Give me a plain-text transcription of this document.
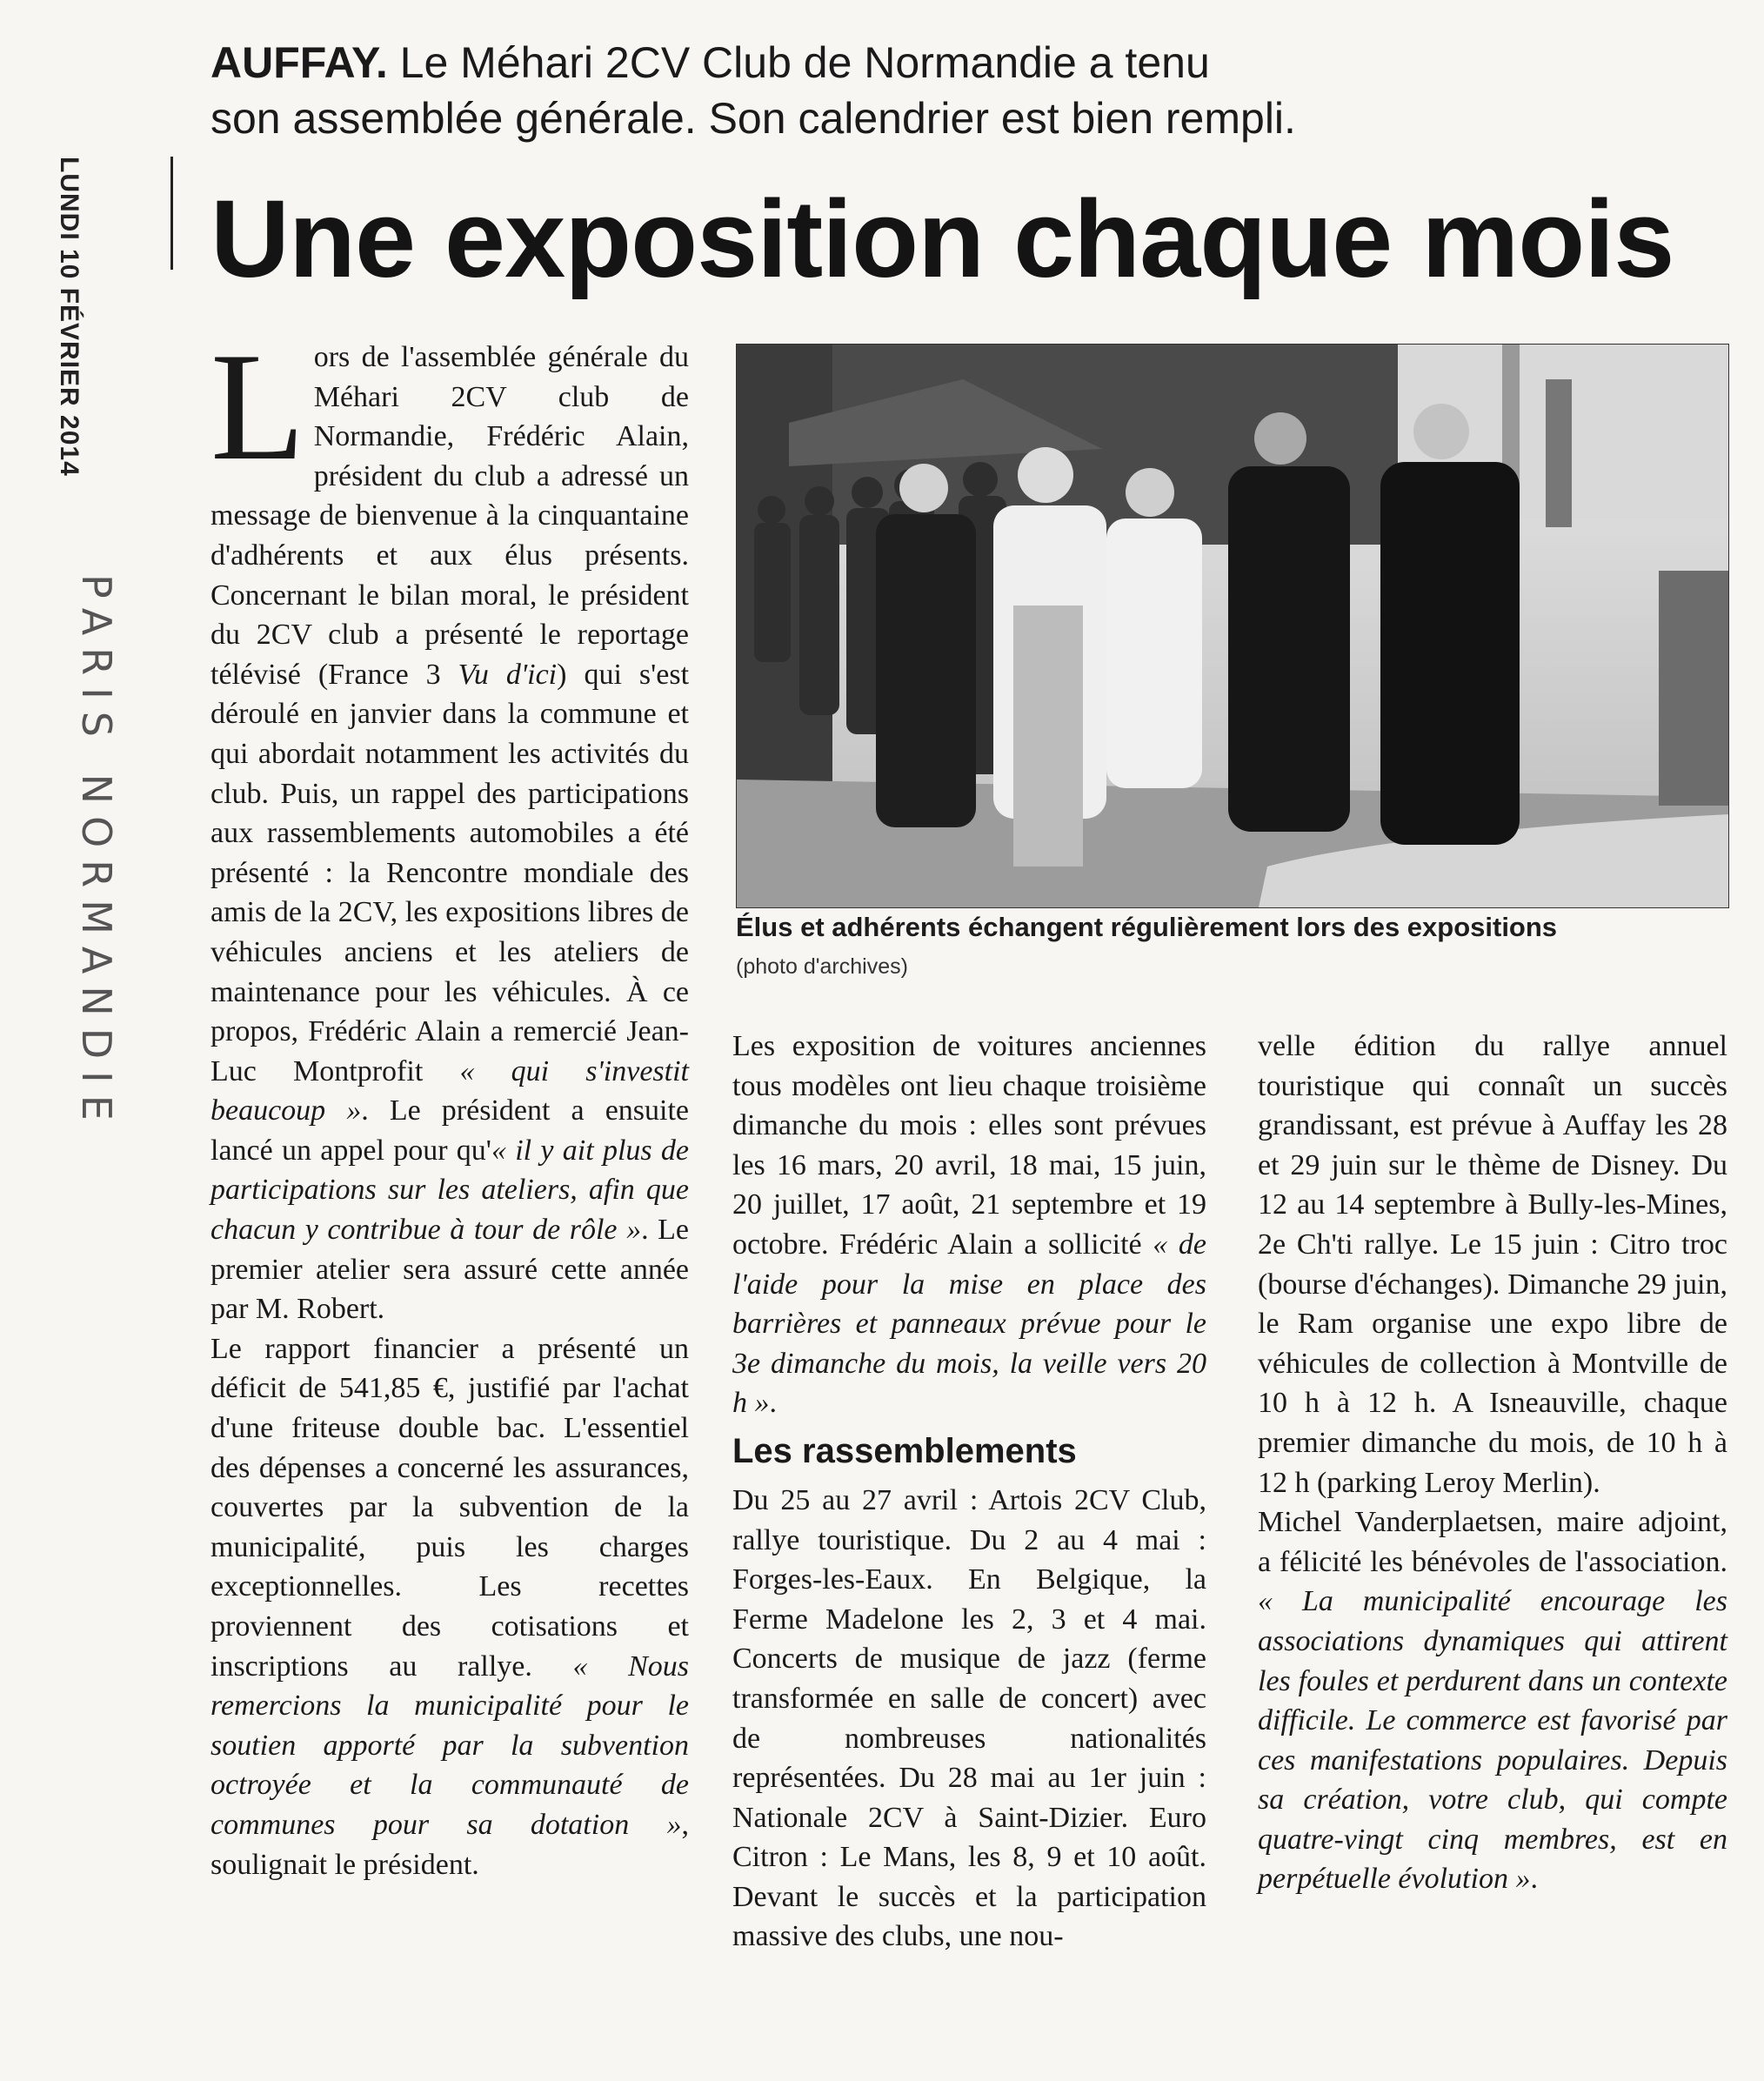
LUNDI 10 FÉVRIER 2014
PARIS NORMANDIE
AUFFAY. Le Méhari 2CV Club de Normandie a tenu
son assemblée générale. Son calendrier est bien rempli.
Une exposition chaque mois

Lors de l'assemblée générale du Méhari 2CV club de Normandie, Frédéric Alain, président du club a adressé un message de bienvenue à la cinquantaine d'adhérents et aux élus présents. Concernant le bilan moral, le président du 2CV club a présenté le reportage télévisé (France 3 Vu d'ici) qui s'est déroulé en janvier dans la commune et qui abordait notamment les activités du club. Puis, un rappel des participations aux rassemblements automobiles a été présenté : la Rencontre mondiale des amis de la 2CV, les expositions libres de véhicules anciens et les ateliers de maintenance pour les véhicules. À ce propos, Frédéric Alain a remercié Jean-Luc Montprofit « qui s'investit beaucoup ». Le président a ensuite lancé un appel pour qu'« il y ait plus de participations sur les ateliers, afin que chacun y contribue à tour de rôle ». Le premier atelier sera assuré cette année par M. Robert.

Le rapport financier a présenté un déficit de 541,85 €, justifié par l'achat d'une friteuse double bac. L'essentiel des dépenses a concerné les assurances, couvertes par la subvention de la municipalité, puis les charges exceptionnelles. Les recettes proviennent des cotisations et inscriptions au rallye. « Nous remercions la municipalité pour le soutien apporté par la subvention octroyée et la communauté de communes pour sa dotation », soulignait le président.

Élus et adhérents échangent régulièrement lors des expositions
(photo d'archives)

Les exposition de voitures anciennes tous modèles ont lieu chaque troisième dimanche du mois : elles sont prévues les 16 mars, 20 avril, 18 mai, 15 juin, 20 juillet, 17 août, 21 septembre et 19 octobre. Frédéric Alain a sollicité « de l'aide pour la mise en place des barrières et panneaux prévue pour le 3e dimanche du mois, la veille vers 20 h ».

Les rassemblements

Du 25 au 27 avril : Artois 2CV Club, rallye touristique. Du 2 au 4 mai : Forges-les-Eaux. En Belgique, la Ferme Madelone les 2, 3 et 4 mai. Concerts de musique de jazz (ferme transformée en salle de concert) avec de nombreuses nationalités représentées. Du 28 mai au 1er juin : Nationale 2CV à Saint-Dizier. Euro Citron : Le Mans, les 8, 9 et 10 août. Devant le succès et la participation massive des clubs, une nou-

velle édition du rallye annuel touristique qui connaît un succès grandissant, est prévue à Auffay les 28 et 29 juin sur le thème de Disney. Du 12 au 14 septembre à Bully-les-Mines, 2e Ch'ti rallye. Le 15 juin : Citro troc (bourse d'échanges). Dimanche 29 juin, le Ram organise une expo libre de véhicules de collection à Montville de 10 h à 12 h. A Isneauville, chaque premier dimanche du mois, de 10 h à 12 h (parking Leroy Merlin).

Michel Vanderplaetsen, maire adjoint, a félicité les bénévoles de l'association. « La municipalité encourage les associations dynamiques qui attirent les foules et perdurent dans un contexte difficile. Le commerce est favorisé par ces manifestations populaires. Depuis sa création, votre club, qui compte quatre-vingt cinq membres, est en perpétuelle évolution ».
